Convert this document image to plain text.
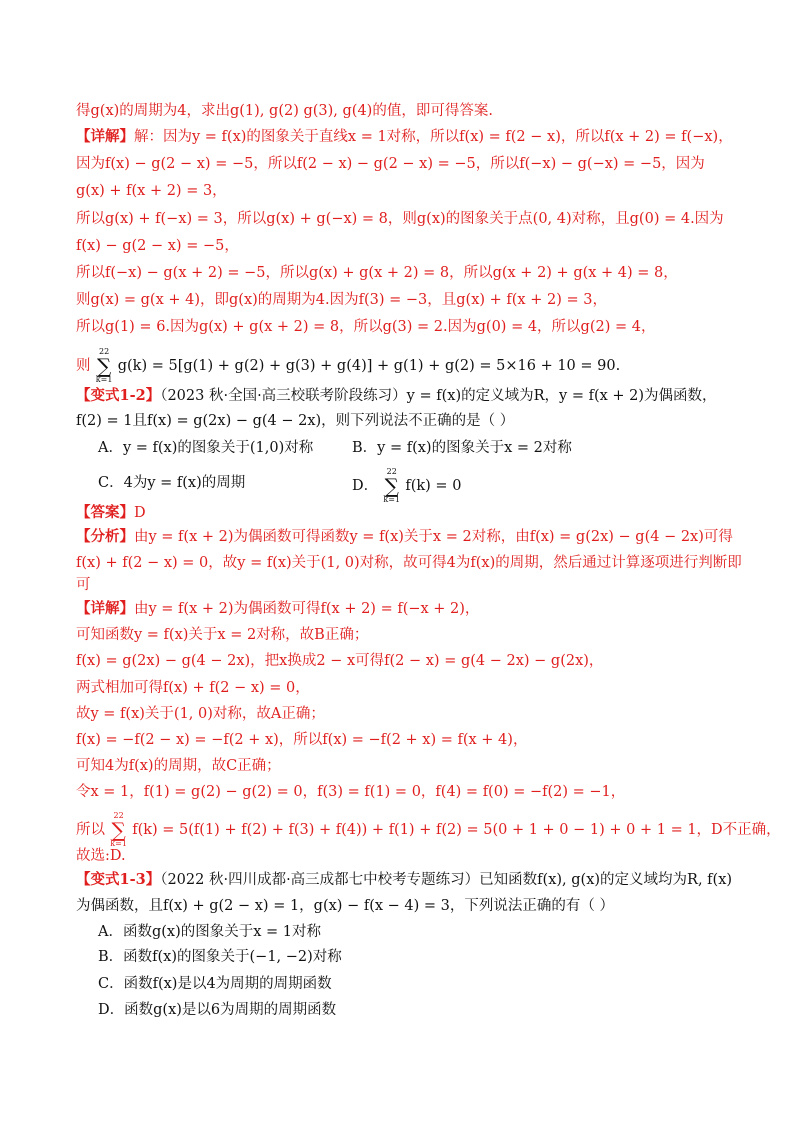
得g(x)的周期为4，求出g(1), g(2) g(3), g(4)的值，即可得答案.
【详解】解：因为y = f(x)的图象关于直线x = 1对称，所以f(x) = f(2 − x)，所以f(x + 2) = f(−x)，
因为f(x) − g(2 − x) = −5，所以f(2 − x) − g(2 − x) = −5，所以f(−x) − g(−x) = −5，因为
g(x) + f(x + 2) = 3，
所以g(x) + f(−x) = 3，所以g(x) + g(−x) = 8，则g(x)的图象关于点(0, 4)对称，且g(0) = 4.因为
f(x) − g(2 − x) = −5，
所以f(−x) − g(x + 2) = −5，所以g(x) + g(x + 2) = 8，所以g(x + 2) + g(x + 4) = 8，
则g(x) = g(x + 4)，即g(x)的周期为4.因为f(3) = −3，且g(x) + f(x + 2) = 3，
所以g(1) = 6.因为g(x) + g(x + 2) = 8，所以g(3) = 2.因为g(0) = 4，所以g(2) = 4，
则
22
∑
k=1
g(k) = 5[g(1) + g(2) + g(3) + g(4)] + g(1) + g(2) = 5×16 + 10 = 90.
【变式1-2】（2023 秋·全国·高三校联考阶段练习）y = f(x)的定义域为R，y = f(x + 2)为偶函数，
f(2) = 1且f(x) = g(2x) − g(4 − 2x)，则下列说法不正确的是（ ）
A．y = f(x)的图象关于(1,0)对称	B．y = f(x)的图象关于x = 2对称
C．4为y = f(x)的周期	D．
22
∑
k=1
f(k) = 0
【答案】D
【分析】由y = f(x + 2)为偶函数可得函数y = f(x)关于x = 2对称，由f(x) = g(2x) − g(4 − 2x)可得
f(x) + f(2 − x) = 0，故y = f(x)关于(1, 0)对称，故可得4为f(x)的周期，然后通过计算逐项进行判断即
可
【详解】由y = f(x + 2)为偶函数可得f(x + 2) = f(−x + 2)，
可知函数y = f(x)关于x = 2对称，故B正确；
f(x) = g(2x) − g(4 − 2x)，把x换成2 − x可得f(2 − x) = g(4 − 2x) − g(2x)，
两式相加可得f(x) + f(2 − x) = 0，
故y = f(x)关于(1, 0)对称，故A正确；
f(x) = −f(2 − x) = −f(2 + x)，所以f(x) = −f(2 + x) = f(x + 4)，
可知4为f(x)的周期，故C正确；
令x = 1，f(1) = g(2) − g(2) = 0，f(3) = f(1) = 0，f(4) = f(0) = −f(2) = −1，
所以
22
∑
k=1
f(k) = 5(f(1) + f(2) + f(3) + f(4)) + f(1) + f(2) = 5(0 + 1 + 0 − 1) + 0 + 1 = 1，D不正确，
故选:D.
【变式1-3】（2022 秋·四川成都·高三成都七中校考专题练习）已知函数f(x), g(x)的定义域均为R, f(x)
为偶函数，且f(x) + g(2 − x) = 1，g(x) − f(x − 4) = 3，下列说法正确的有（ ）
A．函数g(x)的图象关于x = 1对称
B．函数f(x)的图象关于(−1, −2)对称
C．函数f(x)是以4为周期的周期函数
D．函数g(x)是以6为周期的周期函数
